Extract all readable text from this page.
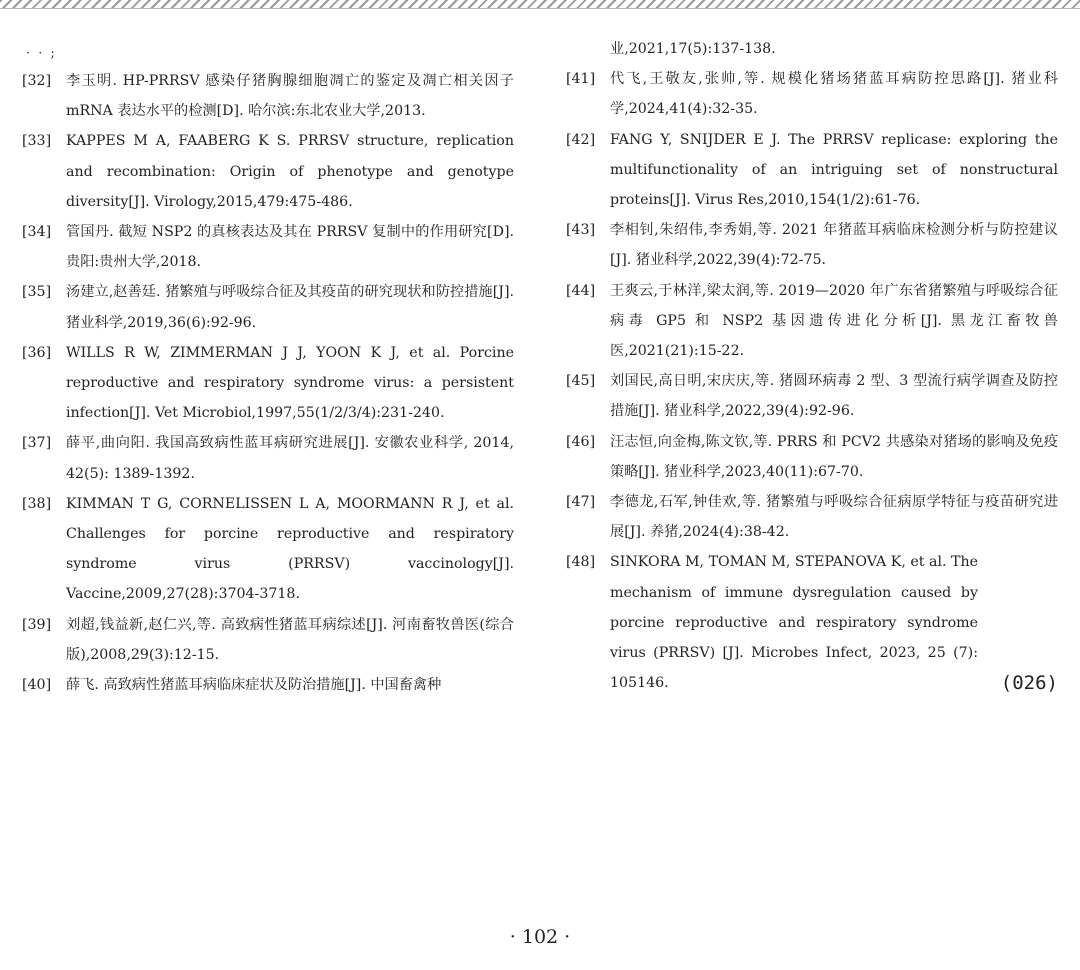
· · ;
[32]	李玉明. HP-PRRSV 感染仔猪胸腺细胞凋亡的鉴定及凋亡相关因子 mRNA 表达水平的检测[D]. 哈尔滨:东北农业大学,2013.
[33]	KAPPES M A, FAABERG K S. PRRSV structure, replication and recombination: Origin of phenotype and genotype diversity[J]. Virology,2015,479:475-486.
[34]	管国丹. 截短 NSP2 的真核表达及其在 PRRSV 复制中的作用研究[D]. 贵阳:贵州大学,2018.
[35]	汤建立,赵善廷. 猪繁殖与呼吸综合征及其疫苗的研究现状和防控措施[J]. 猪业科学,2019,36(6):92-96.
[36]	WILLS R W, ZIMMERMAN J J, YOON K J, et al. Porcine reproductive and respiratory syndrome virus: a persistent infection[J]. Vet Microbiol,1997,55(1/2/3/4):231-240.
[37]	薛平,曲向阳. 我国高致病性蓝耳病研究进展[J]. 安徽农业科学, 2014, 42(5): 1389-1392.
[38]	KIMMAN T G, CORNELISSEN L A, MOORMANN R J, et al. Challenges for porcine reproductive and respiratory syndrome virus (PRRSV) vaccinology[J]. Vaccine,2009,27(28):3704-3718.
[39]	刘超,钱益新,赵仁兴,等. 高致病性猪蓝耳病综述[J]. 河南畜牧兽医(综合版),2008,29(3):12-15.
[40]	薛飞. 高致病性猪蓝耳病临床症状及防治措施[J]. 中国畜禽种
业,2021,17(5):137-138.
[41]	代飞,王敬友,张帅,等. 规模化猪场猪蓝耳病防控思路[J]. 猪业科学,2024,41(4):32-35.
[42]	FANG Y, SNIJDER E J. The PRRSV replicase: exploring the multifunctionality of an intriguing set of nonstructural proteins[J]. Virus Res,2010,154(1/2):61-76.
[43]	李相钊,朱绍伟,李秀娟,等. 2021 年猪蓝耳病临床检测分析与防控建议[J]. 猪业科学,2022,39(4):72-75.
[44]	王爽云,于林洋,梁太润,等. 2019—2020 年广东省猪繁殖与呼吸综合征病毒 GP5 和 NSP2 基因遗传进化分析[J]. 黑龙江畜牧兽医,2021(21):15-22.
[45]	刘国民,高日明,宋庆庆,等. 猪圆环病毒 2 型、3 型流行病学调查及防控措施[J]. 猪业科学,2022,39(4):92-96.
[46]	汪志恒,向金梅,陈文钦,等. PRRS 和 PCV2 共感染对猪场的影响及免疫策略[J]. 猪业科学,2023,40(11):67-70.
[47]	李德龙,石军,钟佳欢,等. 猪繁殖与呼吸综合征病原学特征与疫苗研究进展[J]. 养猪,2024(4):38-42.
[48]	SINKORA M, TOMAN M, STEPANOVA K, et al. The mechanism of immune dysregulation caused by porcine reproductive and respiratory syndrome virus (PRRSV) [J]. Microbes Infect, 2023, 25 (7): 105146.	(026)
· 102 ·
